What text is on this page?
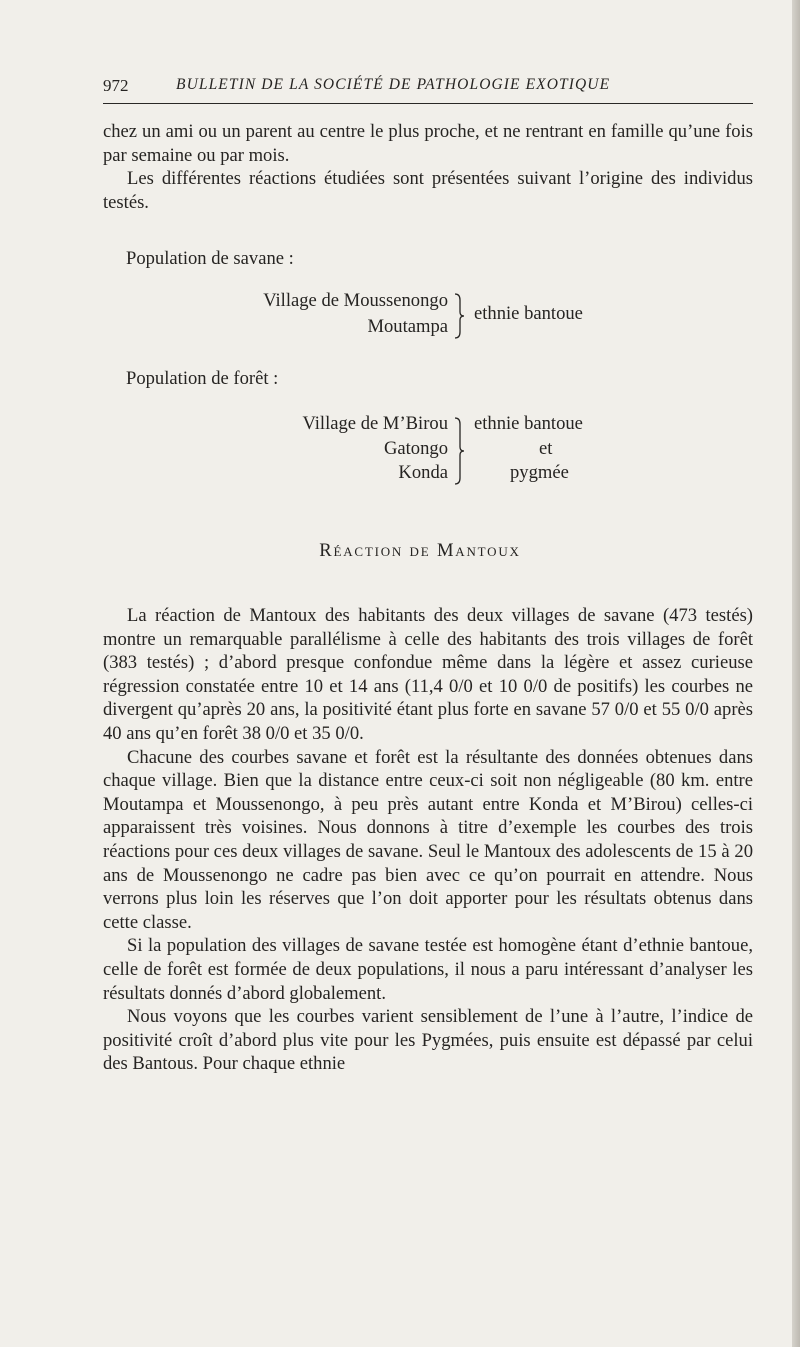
972	BULLETIN DE LA SOCIÉTÉ DE PATHOLOGIE EXOTIQUE

chez un ami ou un parent au centre le plus proche, et ne rentrant en famille qu’une fois par semaine ou par mois.

Les différentes réactions étudiées sont présentées suivant l’origine des individus testés.

Population de savane :
Village de Moussenongo
Moutampa
ethnie bantoue
Population de forêt :
Village de M’Birou
Gatongo
Konda
ethnie bantoue
et
pygmée
Réaction de Mantoux

La réaction de Mantoux des habitants des deux villages de savane (473 testés) montre un remarquable parallélisme à celle des habitants des trois villages de forêt (383 testés) ; d’abord presque confondue même dans la légère et assez curieuse régression constatée entre 10 et 14 ans (11,4 0/0 et 10 0/0 de positifs) les courbes ne divergent qu’après 20 ans, la positivité étant plus forte en savane 57 0/0 et 55 0/0 après 40 ans qu’en forêt 38 0/0 et 35 0/0.

Chacune des courbes savane et forêt est la résultante des données obtenues dans chaque village. Bien que la distance entre ceux-ci soit non négligeable (80 km. entre Moutampa et Moussenongo, à peu près autant entre Konda et M’Birou) celles-ci apparaissent très voisines. Nous donnons à titre d’exemple les courbes des trois réactions pour ces deux villages de savane. Seul le Mantoux des adolescents de 15 à 20 ans de Moussenongo ne cadre pas bien avec ce qu’on pourrait en attendre. Nous verrons plus loin les réserves que l’on doit apporter pour les résultats obtenus dans cette classe.

Si la population des villages de savane testée est homogène étant d’ethnie bantoue, celle de forêt est formée de deux populations, il nous a paru intéressant d’analyser les résultats donnés d’abord globalement.

Nous voyons que les courbes varient sensiblement de l’une à l’autre, l’indice de positivité croît d’abord plus vite pour les Pygmées, puis ensuite est dépassé par celui des Bantous. Pour chaque ethnie
